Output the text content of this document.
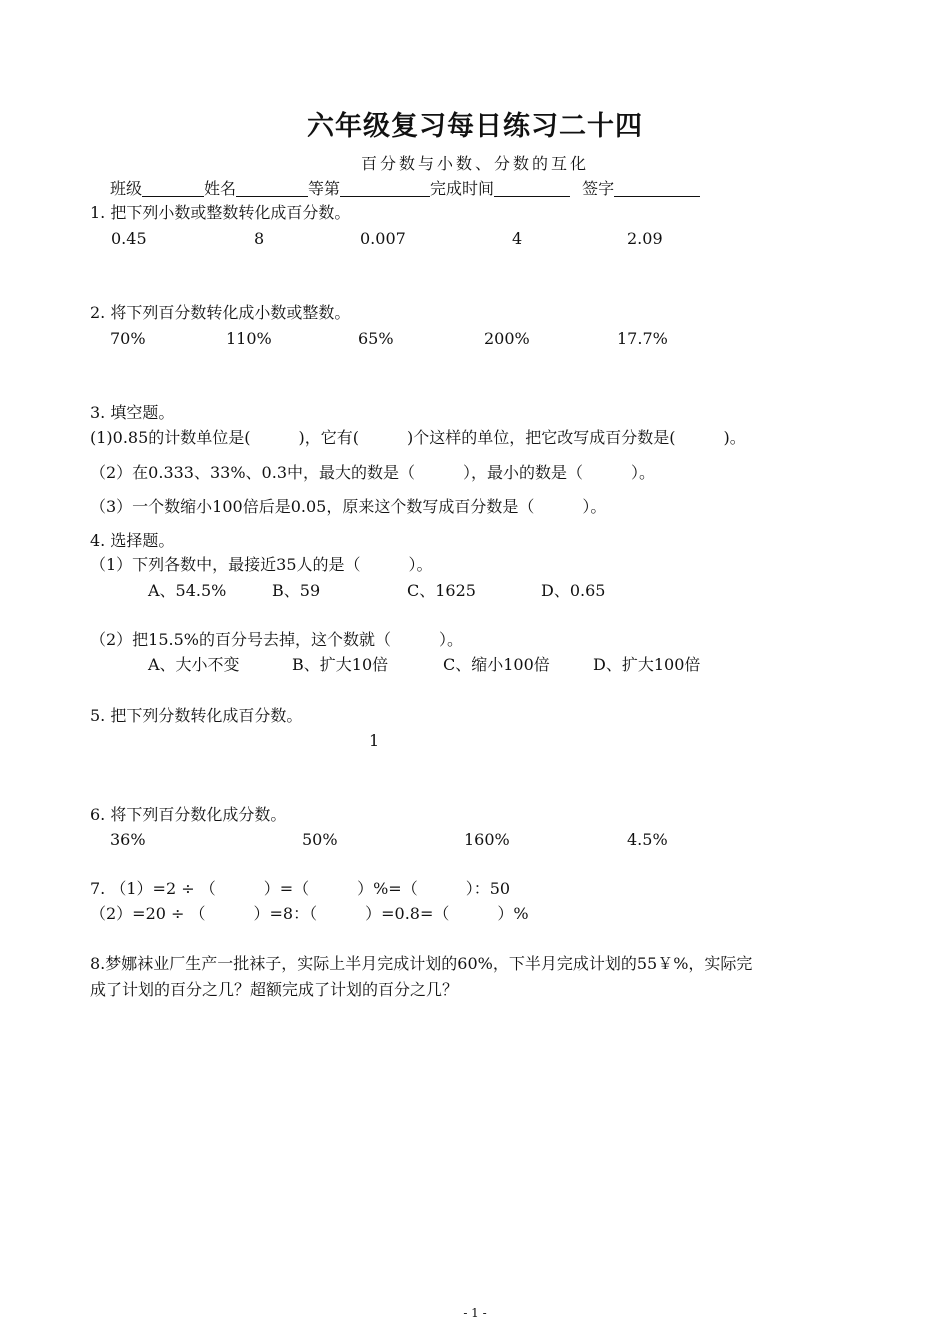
六年级复习每日练习二十四
百分数与小数、分数的互化
班级	姓名	等第	完成时间	签字
1. 把下列小数或整数转化成百分数。
0.45	8	0.007	4	2.09
2. 将下列百分数转化成小数或整数。
70%	110%	65%	200%	17.7%
3. 填空题。
(1)0.85的计数单位是(　　　)，它有(　　　)个这样的单位，把它改写成百分数是(　　　)。
（2）在0.333、33%、0.3中，最大的数是（　　　），最小的数是（　　　）。
（3）一个数缩小100倍后是0.05，原来这个数写成百分数是（　　　）。
4. 选择题。
（1）下列各数中，最接近35人的是（　　　）。
A、54.5%	B、59	C、1625	D、0.65
（2）把15.5%的百分号去掉，这个数就（　　　）。
A、大小不变	B、扩大10倍	C、缩小100倍	D、扩大100倍
5. 把下列分数转化成百分数。
1
6. 将下列百分数化成分数。
36%	50%	160%	4.5%
7. （1）=2 ÷ （　　　）=（　　　）%=（　　　）：50
（2）=20 ÷ （　　　）=8：（　　　）=0.8=（　　　）%
8.梦娜袜业厂生产一批袜子，实际上半月完成计划的60%，下半月完成计划的55￥%，实际完
成了计划的百分之几？超额完成了计划的百分之几？
- 1 -
